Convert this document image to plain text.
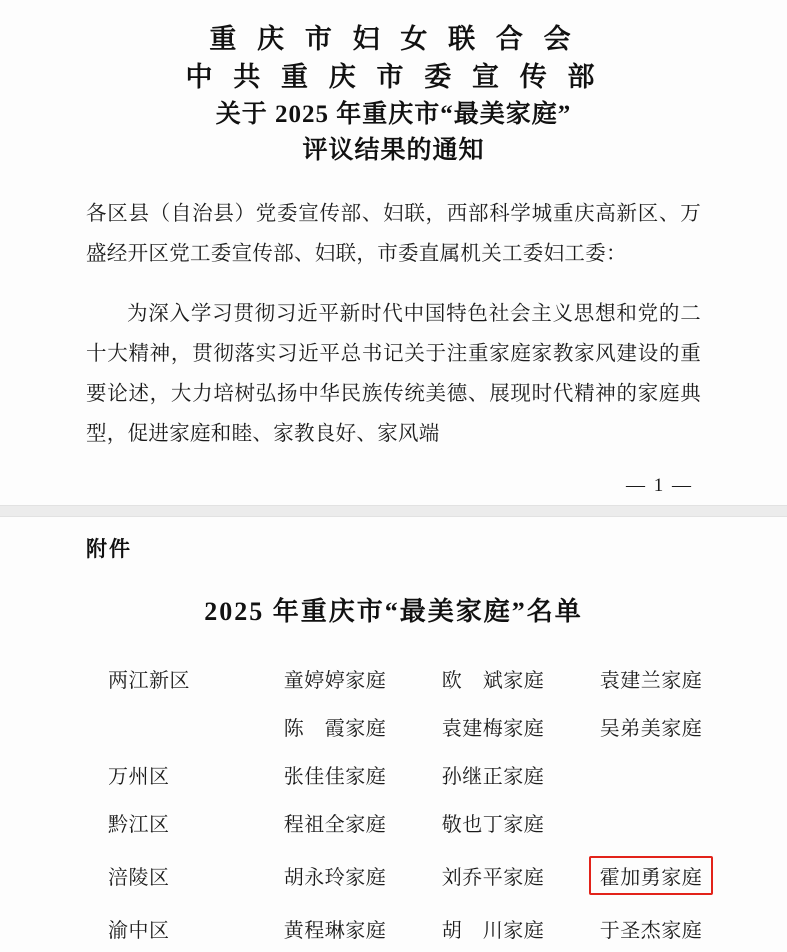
重 庆 市 妇 女 联 合 会
中 共 重 庆 市 委 宣 传 部
关于 2025 年重庆市“最美家庭”
评议结果的通知

各区县（自治县）党委宣传部、妇联，西部科学城重庆高新区、万盛经开区党工委宣传部、妇联，市委直属机关工委妇工委：

为深入学习贯彻习近平新时代中国特色社会主义思想和党的二十大精神，贯彻落实习近平总书记关于注重家庭家教家风建设的重要论述，大力培树弘扬中华民族传统美德、展现时代精神的家庭典型，促进家庭和睦、家教良好、家风端

— 1 —
附件
2025 年重庆市“最美家庭”名单
两江新区	童婷婷家庭	欧　斌家庭	袁建兰家庭
	陈　霞家庭	袁建梅家庭	吴弟美家庭
万州区	张佳佳家庭	孙继正家庭	
黔江区	程祖全家庭	敬也丁家庭	
涪陵区	胡永玲家庭	刘乔平家庭	霍加勇家庭
渝中区	黄程琳家庭	胡　川家庭	于圣杰家庭
